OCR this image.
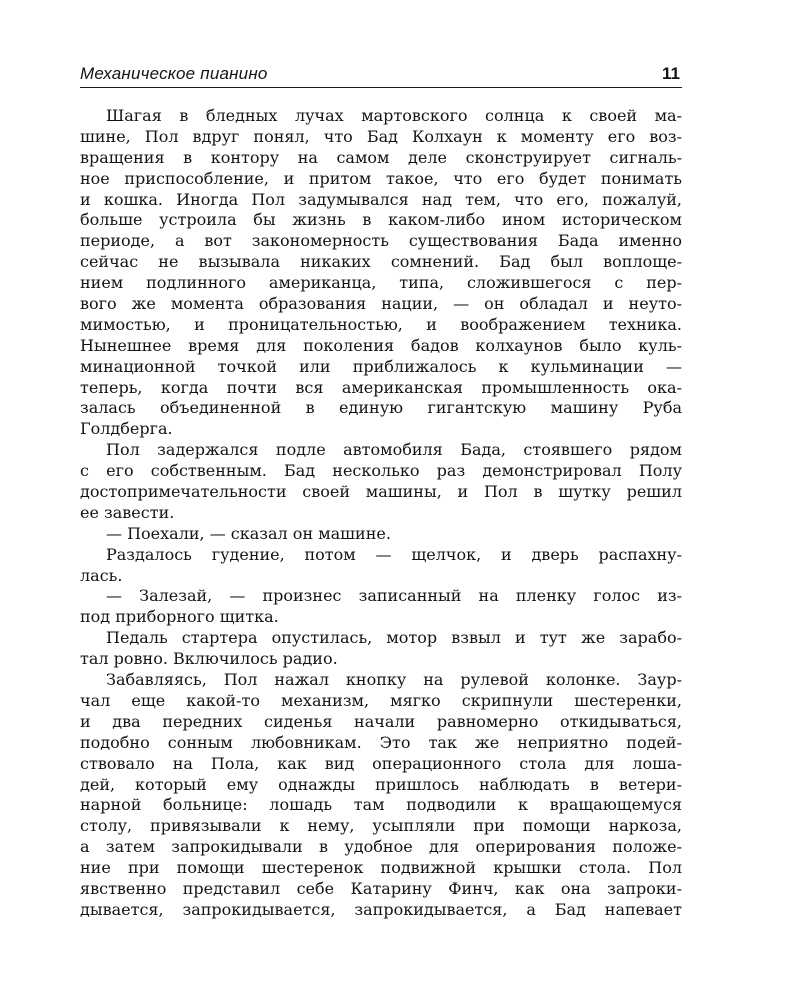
Механическое пианино	11
Шагая в бледных лучах мартовского солнца к своей ма-
шине, Пол вдруг понял, что Бад Колхаун к моменту его воз-
вращения в контору на самом деле сконструирует сигналь-
ное приспособление, и притом такое, что его будет понимать
и кошка. Иногда Пол задумывался над тем, что его, пожалуй,
больше устроила бы жизнь в каком-либо ином историческом
периоде, а вот закономерность существования Бада именно
сейчас не вызывала никаких сомнений. Бад был воплоще-
нием подлинного американца, типа, сложившегося с пер-
вого же момента образования нации, — он обладал и неуто-
мимостью, и проницательностью, и воображением техника.
Нынешнее время для поколения бадов колхаунов было куль-
минационной точкой или приближалось к кульминации —
теперь, когда почти вся американская промышленность ока-
залась объединенной в единую гигантскую машину Руба
Голдберга.
Пол задержался подле автомобиля Бада, стоявшего рядом
с его собственным. Бад несколько раз демонстрировал Полу
достопримечательности своей машины, и Пол в шутку решил
ее завести.
— Поехали, — сказал он машине.
Раздалось гудение, потом — щелчок, и дверь распахну-
лась.
— Залезай, — произнес записанный на пленку голос из-
под приборного щитка.
Педаль стартера опустилась, мотор взвыл и тут же зарабо-
тал ровно. Включилось радио.
Забавляясь, Пол нажал кнопку на рулевой колонке. Заур-
чал еще какой-то механизм, мягко скрипнули шестеренки,
и два передних сиденья начали равномерно откидываться,
подобно сонным любовникам. Это так же неприятно подей-
ствовало на Пола, как вид операционного стола для лоша-
дей, который ему однажды пришлось наблюдать в ветери-
нарной больнице: лошадь там подводили к вращающемуся
столу, привязывали к нему, усыпляли при помощи наркоза,
а затем запрокидывали в удобное для оперирования положе-
ние при помощи шестеренок подвижной крышки стола. Пол
явственно представил себе Катарину Финч, как она запроки-
дывается, запрокидывается, запрокидывается, а Бад напевает
